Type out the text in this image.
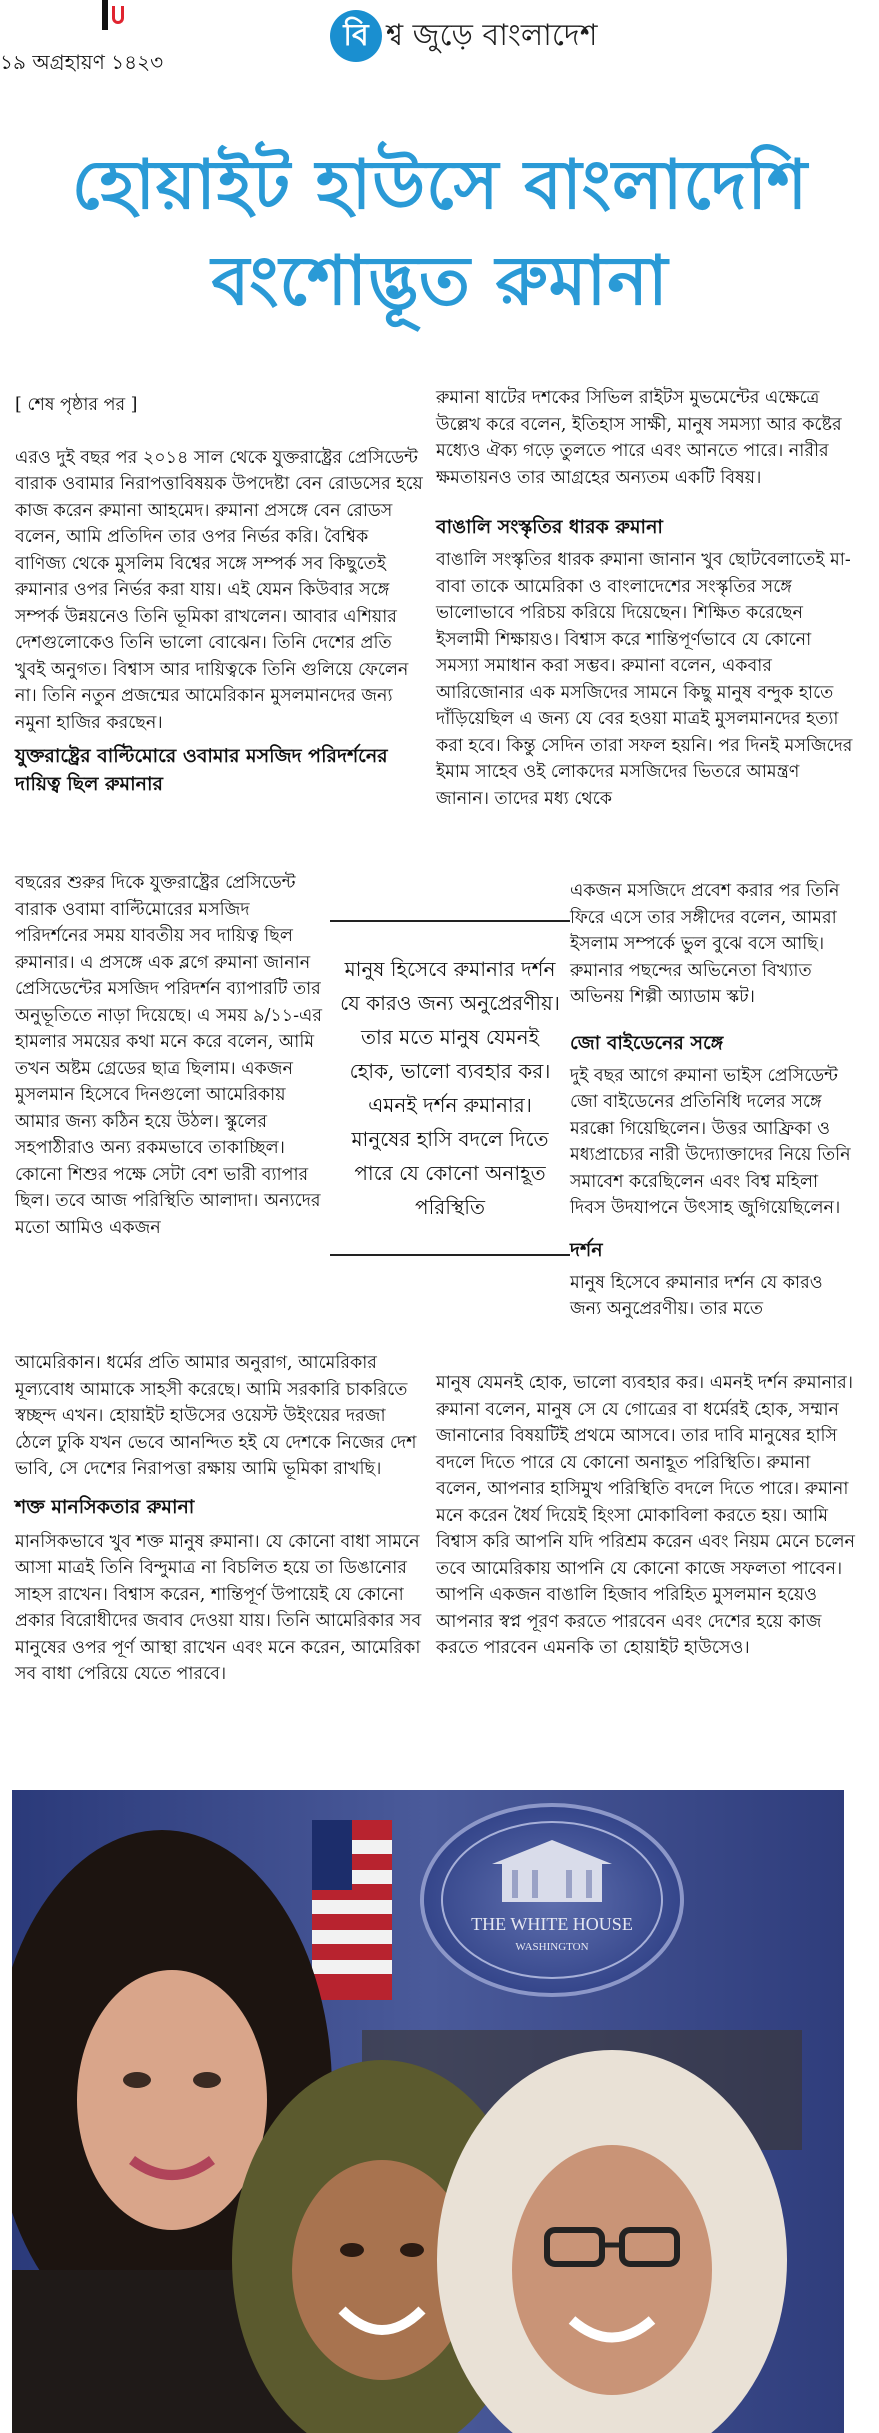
১৯ অগ্রহায়ণ ১৪২৩
বি শ্ব জুড়ে বাংলাদেশ
হোয়াইট হাউসে বাংলাদেশি
বংশোদ্ভূত রুমানা

[ শেষ পৃষ্ঠার পর ]

এরও দুই বছর পর ২০১৪ সাল থেকে যুক্তরাষ্ট্রের প্রেসিডেন্ট বারাক ওবামার নিরাপত্তাবিষয়ক উপদেষ্টা বেন রোডসের হয়ে কাজ করেন রুমানা আহমেদ। রুমানা প্রসঙ্গে বেন রোডস বলেন, আমি প্রতিদিন তার ওপর নির্ভর করি। বৈশ্বিক বাণিজ্য থেকে মুসলিম বিশ্বের সঙ্গে সম্পর্ক সব কিছুতেই রুমানার ওপর নির্ভর করা যায়। এই যেমন কিউবার সঙ্গে সম্পর্ক উন্নয়নেও তিনি ভূমিকা রাখলেন। আবার এশিয়ার দেশগুলোকেও তিনি ভালো বোঝেন। তিনি দেশের প্রতি খুবই অনুগত। বিশ্বাস আর দায়িত্বকে তিনি গুলিয়ে ফেলেন না। তিনি নতুন প্রজন্মের আমেরিকান মুসলমানদের জন্য নমুনা হাজির করছেন।

যুক্তরাষ্ট্রের বাল্টিমোরে ওবামার মসজিদ পরিদর্শনের দায়িত্ব ছিল রুমানার

বছরের শুরুর দিকে যুক্তরাষ্ট্রের প্রেসিডেন্ট বারাক ওবামা বাল্টিমোরের মসজিদ পরিদর্শনের সময় যাবতীয় সব দায়িত্ব ছিল রুমানার। এ প্রসঙ্গে এক ব্লগে রুমানা জানান প্রেসিডেন্টের মসজিদ পরিদর্শন ব্যাপারটি তার অনুভূতিতে নাড়া দিয়েছে। এ সময় ৯/১১-এর হামলার সময়ের কথা মনে করে বলেন, আমি তখন অষ্টম গ্রেডের ছাত্র ছিলাম। একজন মুসলমান হিসেবে দিনগুলো আমেরিকায় আমার জন্য কঠিন হয়ে উঠল। স্কুলের সহপাঠীরাও অন্য রকমভাবে তাকাচ্ছিল। কোনো শিশুর পক্ষে সেটা বেশ ভারী ব্যাপার ছিল। তবে আজ পরিস্থিতি আলাদা। অন্যদের মতো আমিও একজন

মানুষ হিসেবে রুমানার দর্শন যে কারও জন্য অনুপ্রেরণীয়। তার মতে মানুষ যেমনই হোক, ভালো ব্যবহার কর। এমনই দর্শন রুমানার। মানুষের হাসি বদলে দিতে পারে যে কোনো অনাহূত পরিস্থিতি

আমেরিকান। ধর্মের প্রতি আমার অনুরাগ, আমেরিকার মূল্যবোধ আমাকে সাহসী করেছে। আমি সরকারি চাকরিতে স্বচ্ছন্দ এখন। হোয়াইট হাউসের ওয়েস্ট উইংয়ের দরজা ঠেলে ঢুকি যখন ভেবে আনন্দিত হই যে দেশকে নিজের দেশ ভাবি, সে দেশের নিরাপত্তা রক্ষায় আমি ভূমিকা রাখছি।

শক্ত মানসিকতার রুমানা

মানসিকভাবে খুব শক্ত মানুষ রুমানা। যে কোনো বাধা সামনে আসা মাত্রই তিনি বিন্দুমাত্র না বিচলিত হয়ে তা ডিঙানোর সাহস রাখেন। বিশ্বাস করেন, শান্তিপূর্ণ উপায়েই যে কোনো প্রকার বিরোধীদের জবাব দেওয়া যায়। তিনি আমেরিকার সব মানুষের ওপর পূর্ণ আস্থা রাখেন এবং মনে করেন, আমেরিকা সব বাধা পেরিয়ে যেতে পারবে।

রুমানা ষাটের দশকের সিভিল রাইটস মুভমেন্টের এক্ষেত্রে উল্লেখ করে বলেন, ইতিহাস সাক্ষী, মানুষ সমস্যা আর কষ্টের মধ্যেও ঐক্য গড়ে তুলতে পারে এবং আনতে পারে। নারীর ক্ষমতায়নও তার আগ্রহের অন্যতম একটি বিষয়।

বাঙালি সংস্কৃতির ধারক রুমানা

বাঙালি সংস্কৃতির ধারক রুমানা জানান খুব ছোটবেলাতেই মা-বাবা তাকে আমেরিকা ও বাংলাদেশের সংস্কৃতির সঙ্গে ভালোভাবে পরিচয় করিয়ে দিয়েছেন। শিক্ষিত করেছেন ইসলামী শিক্ষায়ও। বিশ্বাস করে শান্তিপূর্ণভাবে যে কোনো সমস্যা সমাধান করা সম্ভব। রুমানা বলেন, একবার আরিজোনার এক মসজিদের সামনে কিছু মানুষ বন্দুক হাতে দাঁড়িয়েছিল এ জন্য যে বের হওয়া মাত্রই মুসলমানদের হত্যা করা হবে। কিন্তু সেদিন তারা সফল হয়নি। পর দিনই মসজিদের ইমাম সাহেব ওই লোকদের মসজিদের ভিতরে আমন্ত্রণ জানান। তাদের মধ্য থেকে

একজন মসজিদে প্রবেশ করার পর তিনি ফিরে এসে তার সঙ্গীদের বলেন, আমরা ইসলাম সম্পর্কে ভুল বুঝে বসে আছি। রুমানার পছন্দের অভিনেতা বিখ্যাত অভিনয় শিল্পী অ্যাডাম স্কট।

জো বাইডেনের সঙ্গে

দুই বছর আগে রুমানা ভাইস প্রেসিডেন্ট জো বাইডেনের প্রতিনিধি দলের সঙ্গে মরক্কো গিয়েছিলেন। উত্তর আফ্রিকা ও মধ্যপ্রাচ্যের নারী উদ্যোক্তাদের নিয়ে তিনি সমাবেশ করেছিলেন এবং বিশ্ব মহিলা দিবস উদযাপনে উৎসাহ জুগিয়েছিলেন।

দর্শন

মানুষ হিসেবে রুমানার দর্শন যে কারও জন্য অনুপ্রেরণীয়। তার মতে

মানুষ যেমনই হোক, ভালো ব্যবহার কর। এমনই দর্শন রুমানার। রুমানা বলেন, মানুষ সে যে গোত্রের বা ধর্মেরই হোক, সম্মান জানানোর বিষয়টিই প্রথমে আসবে। তার দাবি মানুষের হাসি বদলে দিতে পারে যে কোনো অনাহূত পরিস্থিতি। রুমানা বলেন, আপনার হাসিমুখ পরিস্থিতি বদলে দিতে পারে। রুমানা মনে করেন ধৈর্য দিয়েই হিংসা মোকাবিলা করতে হয়। আমি বিশ্বাস করি আপনি যদি পরিশ্রম করেন এবং নিয়ম মেনে চলেন তবে আমেরিকায় আপনি যে কোনো কাজে সফলতা পাবেন। আপনি একজন বাঙালি হিজাব পরিহিত মুসলমান হয়েও আপনার স্বপ্ন পূরণ করতে পারবেন এবং দেশের হয়ে কাজ করতে পারবেন এমনকি তা হোয়াইট হাউসেও।

THE WHITE HOUSE
WASHINGTON
